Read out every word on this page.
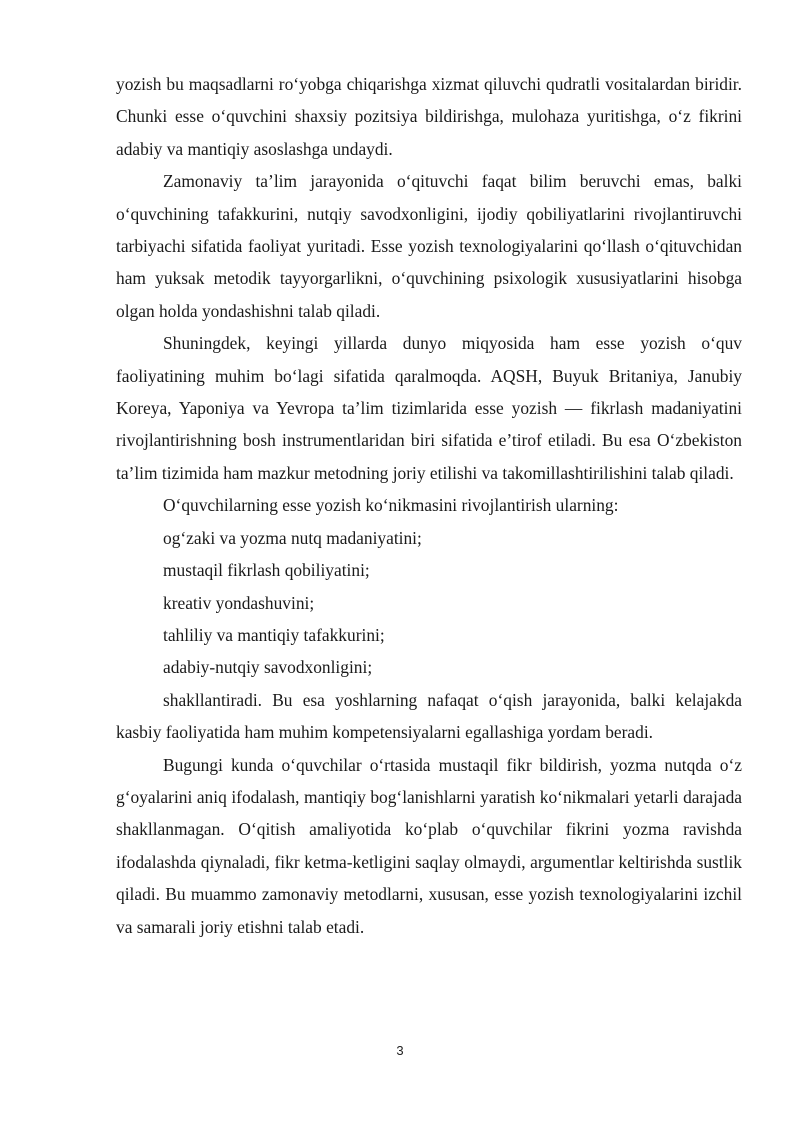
yozish bu maqsadlarni ro‘yobga chiqarishga xizmat qiluvchi qudratli vositalardan biridir. Chunki esse o‘quvchini shaxsiy pozitsiya bildirishga, mulohaza yuritishga, o‘z fikrini adabiy va mantiqiy asoslashga undaydi.

Zamonaviy ta’lim jarayonida o‘qituvchi faqat bilim beruvchi emas, balki o‘quvchining tafakkurini, nutqiy savodxonligini, ijodiy qobiliyatlarini rivojlantiruvchi tarbiyachi sifatida faoliyat yuritadi. Esse yozish texnologiyalarini qo‘llash o‘qituvchidan ham yuksak metodik tayyorgarlikni, o‘quvchining psixologik xususiyatlarini hisobga olgan holda yondashishni talab qiladi.

Shuningdek, keyingi yillarda dunyo miqyosida ham esse yozish o‘quv faoliyatining muhim bo‘lagi sifatida qaralmoqda. AQSH, Buyuk Britaniya, Janubiy Koreya, Yaponiya va Yevropa ta’lim tizimlarida esse yozish — fikrlash madaniyatini rivojlantirishning bosh instrumentlaridan biri sifatida e’tirof etiladi. Bu esa O‘zbekiston ta’lim tizimida ham mazkur metodning joriy etilishi va takomillashtirilishini talab qiladi.

O‘quvchilarning esse yozish ko‘nikmasini rivojlantirish ularning:

og‘zaki va yozma nutq madaniyatini;

mustaqil fikrlash qobiliyatini;

kreativ yondashuvini;

tahliliy va mantiqiy tafakkurini;

adabiy-nutqiy savodxonligini;

shakllantiradi. Bu esa yoshlarning nafaqat o‘qish jarayonida, balki kelajakda kasbiy faoliyatida ham muhim kompetensiyalarni egallashiga yordam beradi.

Bugungi kunda o‘quvchilar o‘rtasida mustaqil fikr bildirish, yozma nutqda o‘z g‘oyalarini aniq ifodalash, mantiqiy bog‘lanishlarni yaratish ko‘nikmalari yetarli darajada shakllanmagan. O‘qitish amaliyotida ko‘plab o‘quvchilar fikrini yozma ravishda ifodalashda qiynaladi, fikr ketma-ketligini saqlay olmaydi, argumentlar keltirishda sustlik qiladi. Bu muammo zamonaviy metodlarni, xususan, esse yozish texnologiyalarini izchil va samarali joriy etishni talab etadi.

3
